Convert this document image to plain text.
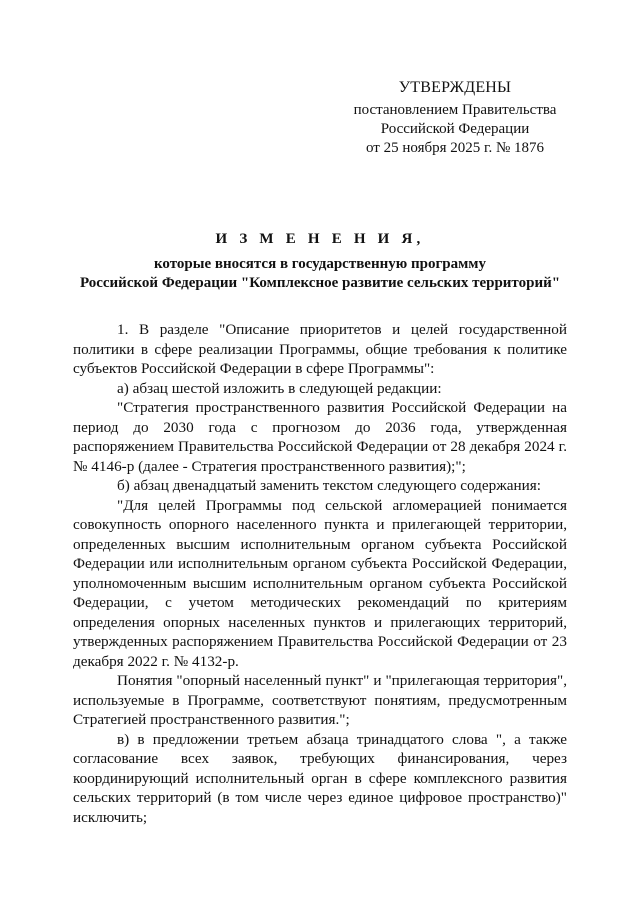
УТВЕРЖДЕНЫ
постановлением Правительства
Российской Федерации
от 25 ноября 2025 г. № 1876
И З М Е Н Е Н И Я,
которые вносятся в государственную программу
Российской Федерации "Комплексное развитие сельских территорий"

1. В разделе "Описание приоритетов и целей государственной политики в сфере реализации Программы, общие требования к политике субъектов Российской Федерации в сфере Программы":

а) абзац шестой изложить в следующей редакции:

"Стратегия пространственного развития Российской Федерации на период до 2030 года с прогнозом до 2036 года, утвержденная распоряжением Правительства Российской Федерации от 28 декабря 2024 г. № 4146-р (далее - Стратегия пространственного развития);";

б) абзац двенадцатый заменить текстом следующего содержания:

"Для целей Программы под сельской агломерацией понимается совокупность опорного населенного пункта и прилегающей территории, определенных высшим исполнительным органом субъекта Российской Федерации или исполнительным органом субъекта Российской Федерации, уполномоченным высшим исполнительным органом субъекта Российской Федерации, с учетом методических рекомендаций по критериям определения опорных населенных пунктов и прилегающих территорий, утвержденных распоряжением Правительства Российской Федерации от 23 декабря 2022 г. № 4132-р.

Понятия "опорный населенный пункт" и "прилегающая территория", используемые в Программе, соответствуют понятиям, предусмотренным Стратегией пространственного развития.";

в) в предложении третьем абзаца тринадцатого слова ", а также согласование всех заявок, требующих финансирования, через координирующий исполнительный орган в сфере комплексного развития сельских территорий (в том числе через единое цифровое пространство)" исключить;
